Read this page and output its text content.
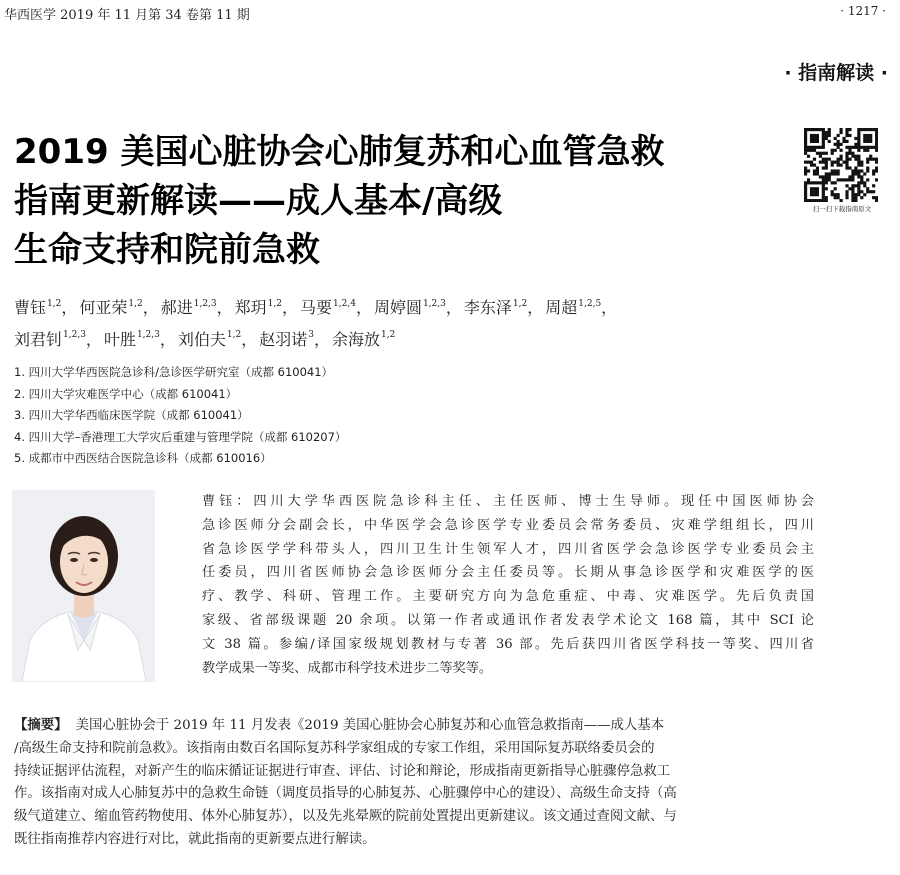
华西医学 2019 年 11 月第 34 卷第 11 期	· 1217 ·
· 指南解读 ·
2019 美国心脏协会心肺复苏和心血管急救
指南更新解读——成人基本/高级
生命支持和院前急救
扫一扫下载指南原文
曹钰$^{1,2}$， 何亚荣$^{1,2}$， 郝进$^{1,2,3}$， 郑玥$^{1,2}$， 马要$^{1,2,4}$， 周婷圆$^{1,2,3}$， 李东泽$^{1,2}$， 周超$^{1,2,5}$，
刘君钊$^{1,2,3}$， 叶胜$^{1,2,3}$， 刘伯夫$^{1,2}$， 赵羽诺$^3$， 余海放$^{1,2}$
1. 四川大学华西医院急诊科/急诊医学研究室（成都 610041）
2. 四川大学灾难医学中心（成都 610041）
3. 四川大学华西临床医学院（成都 610041）
4. 四川大学–香港理工大学灾后重建与管理学院（成都 610207）
5. 成都市中西医结合医院急诊科（成都 610016）
曹钰：四川大学华西医院急诊科主任、主任医师、博士生导师。现任中国医师协会
急诊医师分会副会长，中华医学会急诊医学专业委员会常务委员、灾难学组组长，四川
省急诊医学学科带头人，四川卫生计生领军人才，四川省医学会急诊医学专业委员会主
任委员，四川省医师协会急诊医师分会主任委员等。长期从事急诊医学和灾难医学的医
疗、教学、科研、管理工作。主要研究方向为急危重症、中毒、灾难医学。先后负责国
家级、省部级课题 20 余项。以第一作者或通讯作者发表学术论文 168 篇，其中 SCI 论
文 38 篇。参编/译国家级规划教材与专著 36 部。先后获四川省医学科技一等奖、四川省
教学成果一等奖、成都市科学技术进步二等奖等。
【摘要】 美国心脏协会于 2019 年 11 月发表《2019 美国心脏协会心肺复苏和心血管急救指南——成人基本
/高级生命支持和院前急救》。该指南由数百名国际复苏科学家组成的专家工作组，采用国际复苏联络委员会的
持续证据评估流程，对新产生的临床循证证据进行审查、评估、讨论和辩论，形成指南更新指导心脏骤停急救工
作。该指南对成人心肺复苏中的急救生命链（调度员指导的心肺复苏、心脏骤停中心的建设）、高级生命支持（高
级气道建立、缩血管药物使用、体外心肺复苏），以及先兆晕厥的院前处置提出更新建议。该文通过查阅文献、与
既往指南推荐内容进行对比，就此指南的更新要点进行解读。
